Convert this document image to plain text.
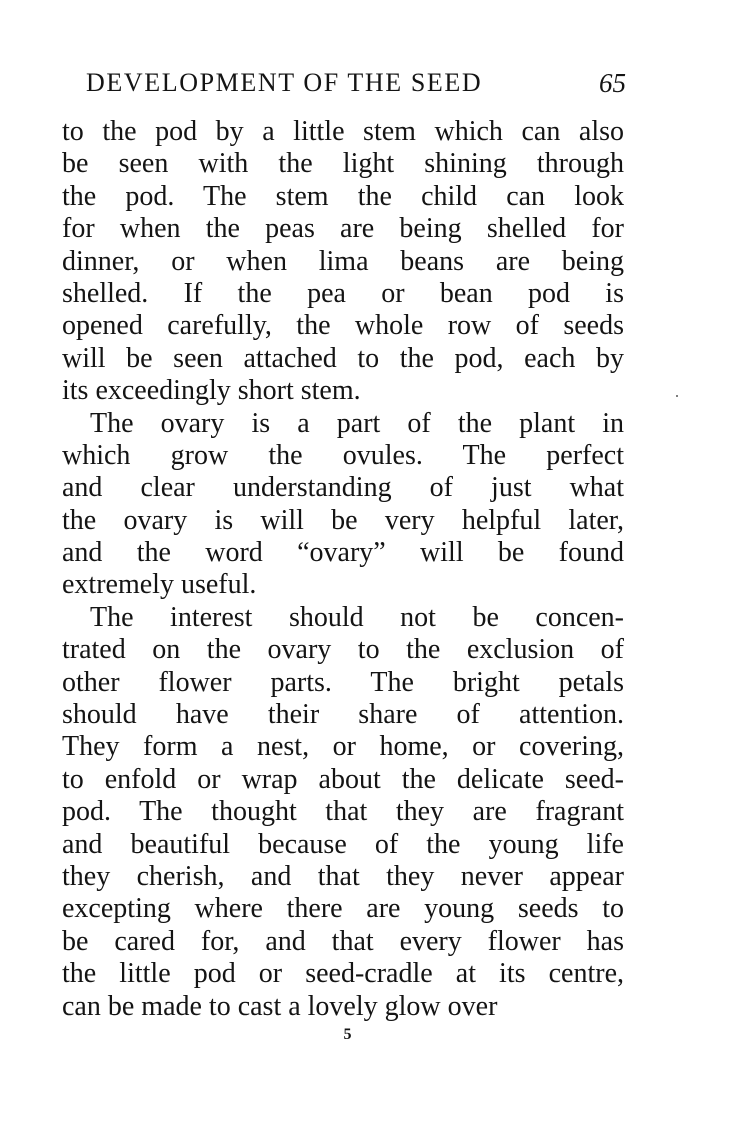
DEVELOPMENT OF THE SEED	65
to the pod by a little stem which can also
be seen with the light shining through
the pod. The stem the child can look
for when the peas are being shelled for
dinner, or when lima beans are being
shelled. If the pea or bean pod is
opened carefully, the whole row of seeds
will be seen attached to the pod, each by
its exceedingly short stem.
The ovary is a part of the plant in
which grow the ovules. The perfect
and clear understanding of just what
the ovary is will be very helpful later,
and the word “ovary” will be found
extremely useful.
The interest should not be concen-
trated on the ovary to the exclusion of
other flower parts. The bright petals
should have their share of attention.
They form a nest, or home, or covering,
to enfold or wrap about the delicate seed-
pod. The thought that they are fragrant
and beautiful because of the young life
they cherish, and that they never appear
excepting where there are young seeds to
be cared for, and that every flower has
the little pod or seed-cradle at its centre,
can be made to cast a lovely glow over
5
